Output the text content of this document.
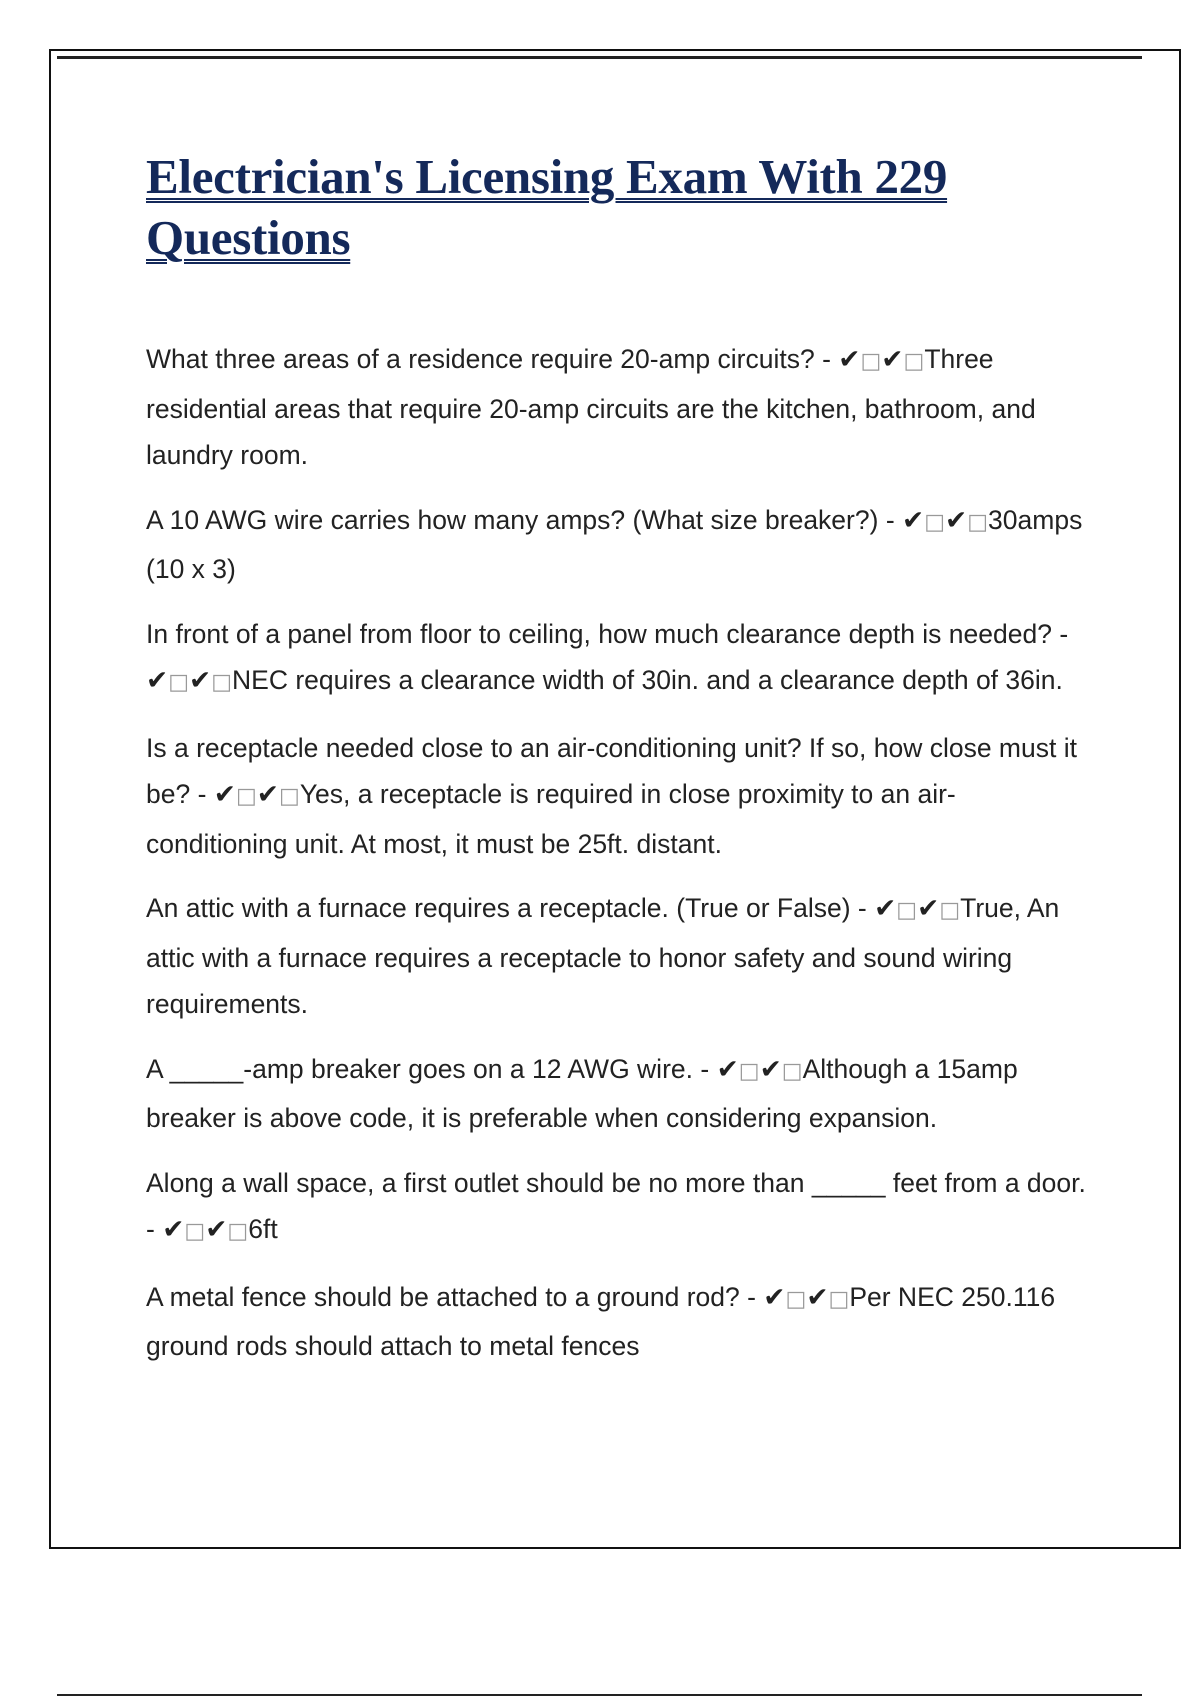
Electrician's Licensing Exam With 229 Questions

What three areas of a residence require 20-amp circuits? - ✔□✔□Three residential areas that require 20-amp circuits are the kitchen, bathroom, and laundry room.

A 10 AWG wire carries how many amps? (What size breaker?) - ✔□✔□30amps (10 x 3)

In front of a panel from floor to ceiling, how much clearance depth is needed? - ✔□✔□NEC requires a clearance width of 30in. and a clearance depth of 36in.

Is a receptacle needed close to an air-conditioning unit? If so, how close must it be? - ✔□✔□Yes, a receptacle is required in close proximity to an air-conditioning unit. At most, it must be 25ft. distant.

An attic with a furnace requires a receptacle. (True or False) - ✔□✔□True, An attic with a furnace requires a receptacle to honor safety and sound wiring requirements.

A _____-amp breaker goes on a 12 AWG wire. - ✔□✔□Although a 15amp breaker is above code, it is preferable when considering expansion.

Along a wall space, a first outlet should be no more than _____ feet from a door. - ✔□✔□6ft

A metal fence should be attached to a ground rod? - ✔□✔□Per NEC 250.116 ground rods should attach to metal fences
